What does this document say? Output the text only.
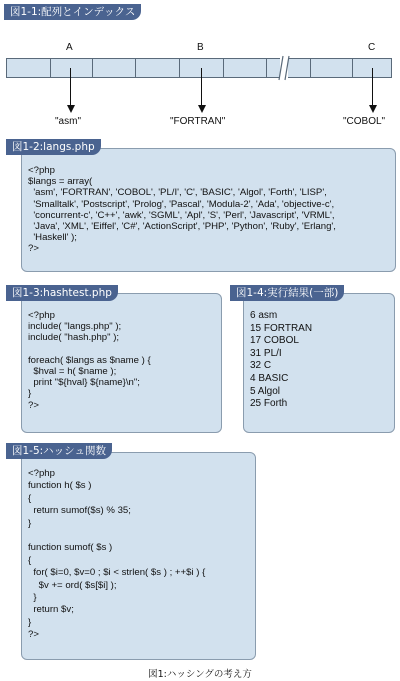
図1-1:配列とインデックス
A	B	C
"asm"	"FORTRAN"	"COBOL"
図1-2:langs.php
<?php
$langs = array(
'asm', 'FORTRAN', 'COBOL', 'PL/I', 'C', 'BASIC', 'Algol', 'Forth', 'LISP',
'Smalltalk', 'Postscript', 'Prolog', 'Pascal', 'Modula-2', 'Ada', 'objective-c',
'concurrent-c', 'C++', 'awk', 'SGML', 'Apl', 'S', 'Perl', 'Javascript', 'VRML',
'Java', 'XML', 'Eiffel', 'C#', 'ActionScript', 'PHP', 'Python', 'Ruby', 'Erlang',
'Haskell' );
?>
図1-3:hashtest.php
<?php
include( "langs.php" );
include( "hash.php" );

foreach( $langs as $name ) {
$hval = h( $name );
print "${hval} ${name}\n";
}
?>
図1-4:実行結果(一部)
6 asm
15 FORTRAN
17 COBOL
31 PL/I
32 C
4 BASIC
5 Algol
25 Forth
図1-5:ハッシュ関数
<?php
function h( $s )
{
return sumof($s) % 35;
}

function sumof( $s )
{
for( $i=0, $v=0 ; $i < strlen( $s ) ; ++$i ) {
$v += ord( $s[$i] );
}
return $v;
}
?>
図1:ハッシングの考え方
